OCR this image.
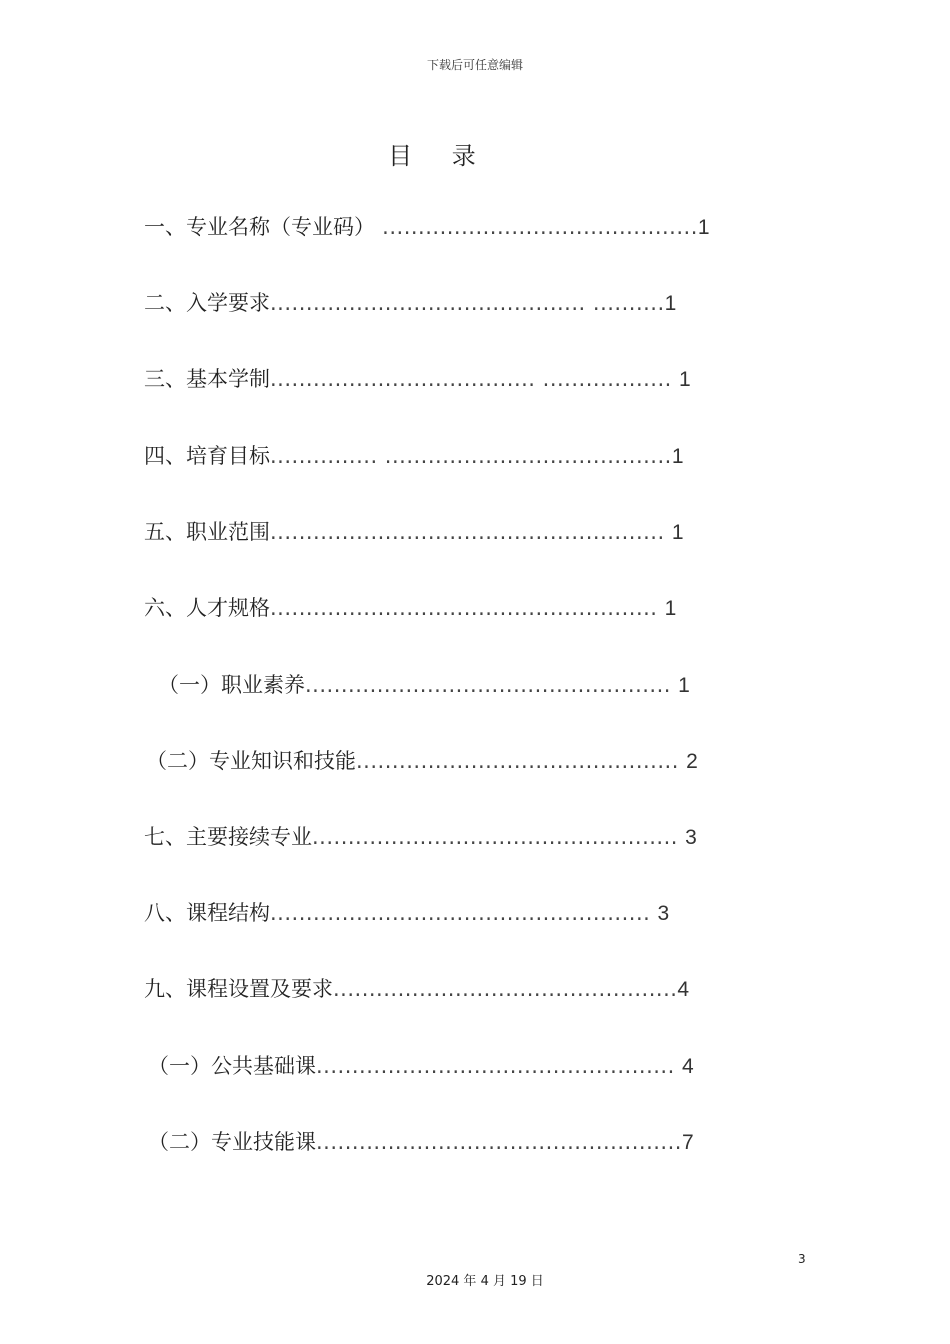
下载后可任意编辑
目 录
一、专业名称（专业码） ............................................1
二、入学要求............................................ ..........1
三、基本学制..................................... .................. 1
四、培育目标............... ........................................1
五、职业范围....................................................... 1
六、人才规格...................................................... 1
（一）职业素养................................................... 1
（二）专业知识和技能............................................. 2
七、主要接续专业................................................... 3
八、课程结构..................................................... 3
九、课程设置及要求................................................4
（一）公共基础课.................................................. 4
（二）专业技能课...................................................7
3
2024 年 4 月 19 日
